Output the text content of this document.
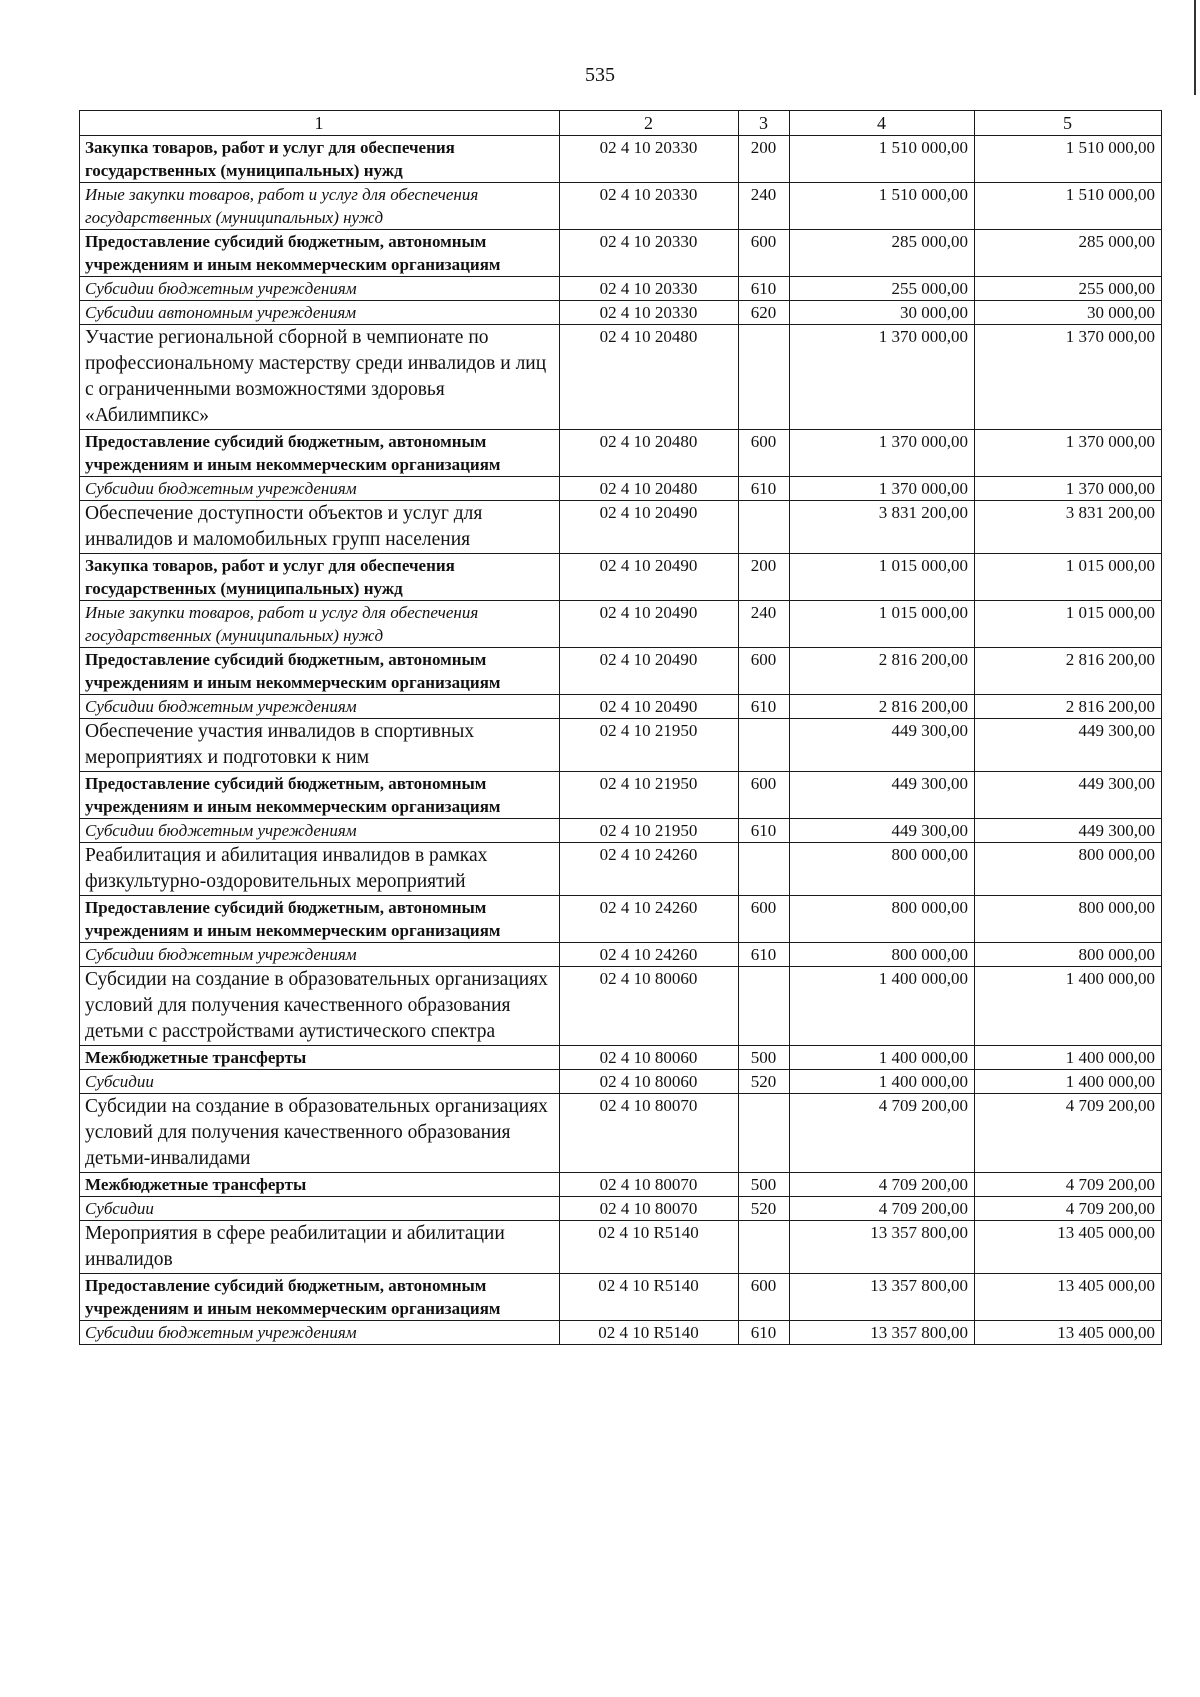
535
1	2	3	4	5
Закупка товаров, работ и услуг для обеспечения государственных (муниципальных) нужд	02 4 10 20330	200	1 510 000,00	1 510 000,00
Иные закупки товаров, работ и услуг для обеспечения государственных (муниципальных) нужд	02 4 10 20330	240	1 510 000,00	1 510 000,00
Предоставление субсидий бюджетным, автономным учреждениям и иным некоммерческим организациям	02 4 10 20330	600	285 000,00	285 000,00
Субсидии бюджетным учреждениям	02 4 10 20330	610	255 000,00	255 000,00
Субсидии автономным учреждениям	02 4 10 20330	620	30 000,00	30 000,00
Участие региональной сборной в чемпионате по профессиональному мастерству среди инвалидов и лиц с ограниченными возможностями здоровья «Абилимпикс»	02 4 10 20480		1 370 000,00	1 370 000,00
Предоставление субсидий бюджетным, автономным учреждениям и иным некоммерческим организациям	02 4 10 20480	600	1 370 000,00	1 370 000,00
Субсидии бюджетным учреждениям	02 4 10 20480	610	1 370 000,00	1 370 000,00
Обеспечение доступности объектов и услуг для инвалидов и маломобильных групп населения	02 4 10 20490		3 831 200,00	3 831 200,00
Закупка товаров, работ и услуг для обеспечения государственных (муниципальных) нужд	02 4 10 20490	200	1 015 000,00	1 015 000,00
Иные закупки товаров, работ и услуг для обеспечения государственных (муниципальных) нужд	02 4 10 20490	240	1 015 000,00	1 015 000,00
Предоставление субсидий бюджетным, автономным учреждениям и иным некоммерческим организациям	02 4 10 20490	600	2 816 200,00	2 816 200,00
Субсидии бюджетным учреждениям	02 4 10 20490	610	2 816 200,00	2 816 200,00
Обеспечение участия инвалидов в спортивных мероприятиях и подготовки к ним	02 4 10 21950		449 300,00	449 300,00
Предоставление субсидий бюджетным, автономным учреждениям и иным некоммерческим организациям	02 4 10 21950	600	449 300,00	449 300,00
Субсидии бюджетным учреждениям	02 4 10 21950	610	449 300,00	449 300,00
Реабилитация и абилитация инвалидов в рамках физкультурно-оздоровительных мероприятий	02 4 10 24260		800 000,00	800 000,00
Предоставление субсидий бюджетным, автономным учреждениям и иным некоммерческим организациям	02 4 10 24260	600	800 000,00	800 000,00
Субсидии бюджетным учреждениям	02 4 10 24260	610	800 000,00	800 000,00
Субсидии на создание в образовательных организациях условий для получения качественного образования детьми с расстройствами аутистического спектра	02 4 10 80060		1 400 000,00	1 400 000,00
Межбюджетные трансферты	02 4 10 80060	500	1 400 000,00	1 400 000,00
Субсидии	02 4 10 80060	520	1 400 000,00	1 400 000,00
Субсидии на создание в образовательных организациях условий для получения качественного образования детьми-инвалидами	02 4 10 80070		4 709 200,00	4 709 200,00
Межбюджетные трансферты	02 4 10 80070	500	4 709 200,00	4 709 200,00
Субсидии	02 4 10 80070	520	4 709 200,00	4 709 200,00
Мероприятия в сфере реабилитации и абилитации инвалидов	02 4 10 R5140		13 357 800,00	13 405 000,00
Предоставление субсидий бюджетным, автономным учреждениям и иным некоммерческим организациям	02 4 10 R5140	600	13 357 800,00	13 405 000,00
Субсидии бюджетным учреждениям	02 4 10 R5140	610	13 357 800,00	13 405 000,00
